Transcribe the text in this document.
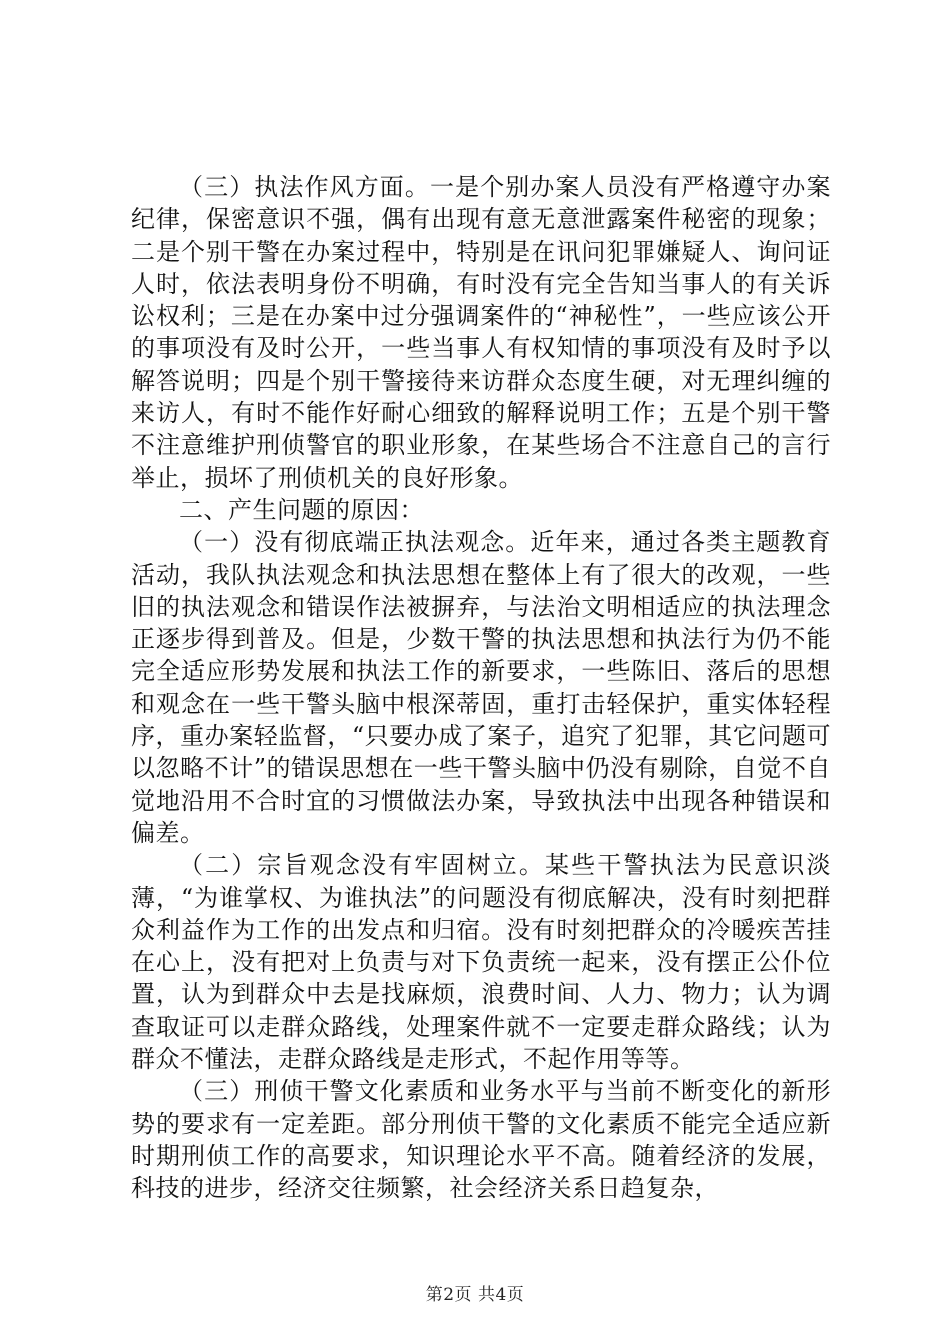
（三）执法作风方面。一是个别办案人员没有严格遵守办案纪律，保密意识不强，偶有出现有意无意泄露案件秘密的现象；二是个别干警在办案过程中，特别是在讯问犯罪嫌疑人、询问证人时，依法表明身份不明确，有时没有完全告知当事人的有关诉讼权利；三是在办案中过分强调案件的“神秘性”，一些应该公开的事项没有及时公开，一些当事人有权知情的事项没有及时予以解答说明；四是个别干警接待来访群众态度生硬，对无理纠缠的来访人，有时不能作好耐心细致的解释说明工作；五是个别干警不注意维护刑侦警官的职业形象，在某些场合不注意自己的言行举止，损坏了刑侦机关的良好形象。

二、产生问题的原因：

（一）没有彻底端正执法观念。近年来，通过各类主题教育活动，我队执法观念和执法思想在整体上有了很大的改观，一些旧的执法观念和错误作法被摒弃，与法治文明相适应的执法理念正逐步得到普及。但是，少数干警的执法思想和执法行为仍不能完全适应形势发展和执法工作的新要求，一些陈旧、落后的思想和观念在一些干警头脑中根深蒂固，重打击轻保护，重实体轻程序，重办案轻监督，“只要办成了案子，追究了犯罪，其它问题可以忽略不计”的错误思想在一些干警头脑中仍没有剔除，自觉不自觉地沿用不合时宜的习惯做法办案，导致执法中出现各种错误和偏差。

（二）宗旨观念没有牢固树立。某些干警执法为民意识淡薄，“为谁掌权、为谁执法”的问题没有彻底解决，没有时刻把群众利益作为工作的出发点和归宿。没有时刻把群众的冷暖疾苦挂在心上，没有把对上负责与对下负责统一起来，没有摆正公仆位置，认为到群众中去是找麻烦，浪费时间、人力、物力；认为调查取证可以走群众路线，处理案件就不一定要走群众路线；认为群众不懂法，走群众路线是走形式，不起作用等等。

（三）刑侦干警文化素质和业务水平与当前不断变化的新形势的要求有一定差距。部分刑侦干警的文化素质不能完全适应新时期刑侦工作的高要求，知识理论水平不高。随着经济的发展，科技的进步，经济交往频繁，社会经济关系日趋复杂，

第2页 共4页
